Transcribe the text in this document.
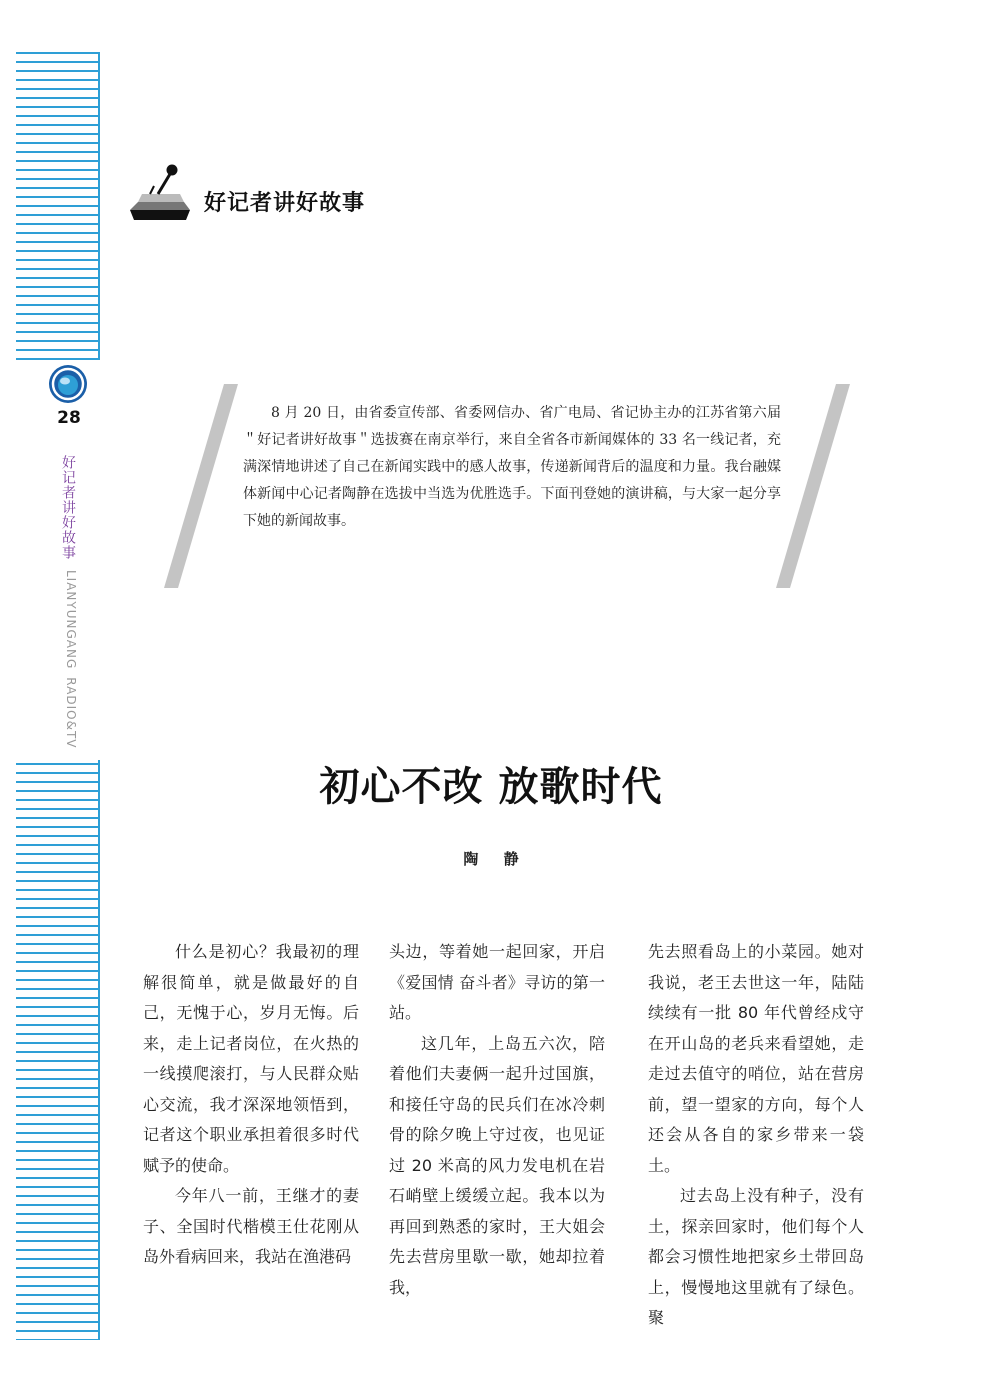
28
好记者讲好故事
LIANYUNGANGRADIO&TV
好记者讲好故事

8 月 20 日，由省委宣传部、省委网信办、省广电局、省记协主办的江苏省第六届＂好记者讲好故事＂选拔赛在南京举行，来自全省各市新闻媒体的 33 名一线记者，充满深情地讲述了自己在新闻实践中的感人故事，传递新闻背后的温度和力量。我台融媒体新闻中心记者陶静在选拔中当选为优胜选手。下面刊登她的演讲稿，与大家一起分享下她的新闻故事。

初心不改 放歌时代
陶 静

什么是初心？我最初的理解很简单，就是做最好的自己，无愧于心，岁月无悔。后来，走上记者岗位，在火热的一线摸爬滚打，与人民群众贴心交流，我才深深地领悟到，记者这个职业承担着很多时代赋予的使命。

今年八一前，王继才的妻子、全国时代楷模王仕花刚从岛外看病回来，我站在渔港码

头边，等着她一起回家，开启《爱国情 奋斗者》寻访的第一站。

这几年，上岛五六次，陪着他们夫妻俩一起升过国旗，和接任守岛的民兵们在冰冷刺骨的除夕晚上守过夜，也见证过 20 米高的风力发电机在岩石峭壁上缓缓立起。我本以为再回到熟悉的家时，王大姐会先去营房里歇一歇，她却拉着我，

先去照看岛上的小菜园。她对我说，老王去世这一年，陆陆续续有一批 80 年代曾经戍守在开山岛的老兵来看望她，走走过去值守的哨位，站在营房前，望一望家的方向，每个人还会从各自的家乡带来一袋土。

过去岛上没有种子，没有土，探亲回家时，他们每个人都会习惯性地把家乡土带回岛上，慢慢地这里就有了绿色。聚
